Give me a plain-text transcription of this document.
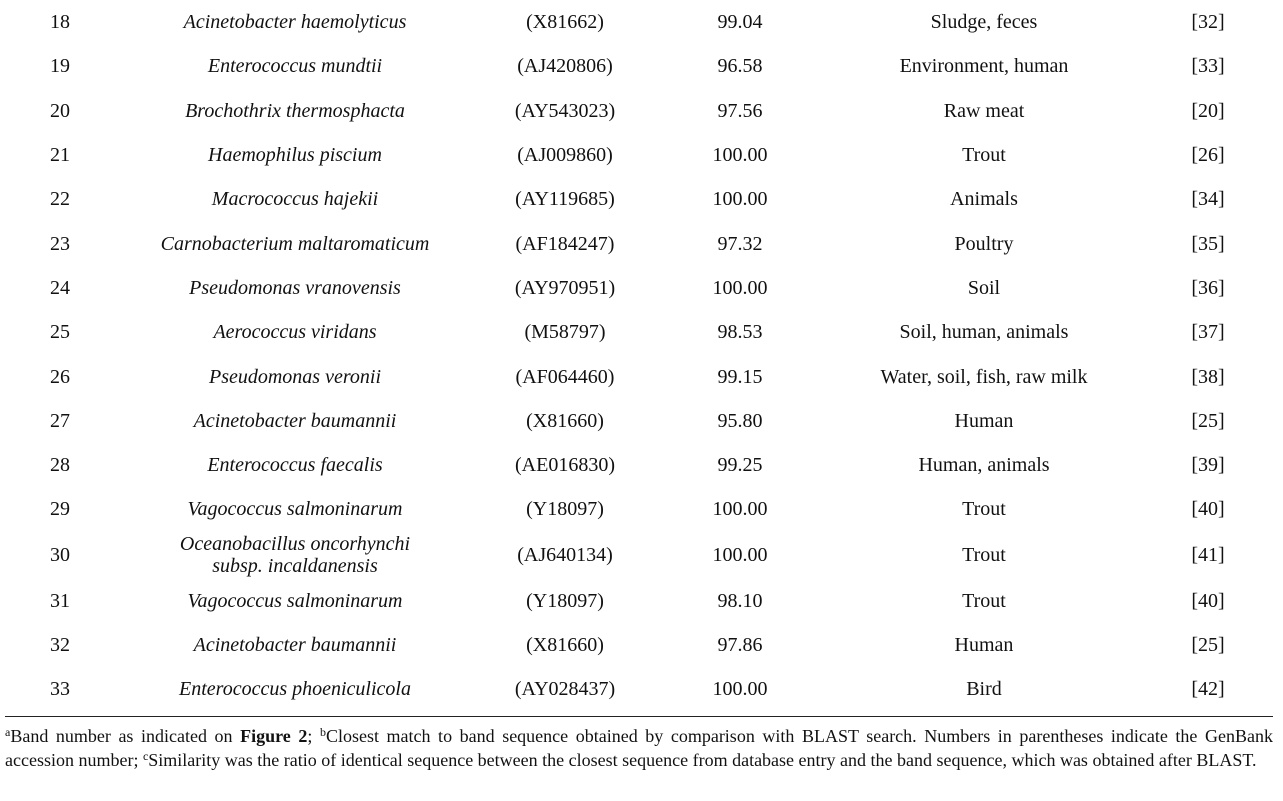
18	Acinetobacter haemolyticus	(X81662)	99.04	Sludge, feces	[32]
19	Enterococcus mundtii	(AJ420806)	96.58	Environment, human	[33]
20	Brochothrix thermosphacta	(AY543023)	97.56	Raw meat	[20]
21	Haemophilus piscium	(AJ009860)	100.00	Trout	[26]
22	Macrococcus hajekii	(AY119685)	100.00	Animals	[34]
23	Carnobacterium maltaromaticum	(AF184247)	97.32	Poultry	[35]
24	Pseudomonas vranovensis	(AY970951)	100.00	Soil	[36]
25	Aerococcus viridans	(M58797)	98.53	Soil, human, animals	[37]
26	Pseudomonas veronii	(AF064460)	99.15	Water, soil, fish, raw milk	[38]
27	Acinetobacter baumannii	(X81660)	95.80	Human	[25]
28	Enterococcus faecalis	(AE016830)	99.25	Human, animals	[39]
29	Vagococcus salmoninarum	(Y18097)	100.00	Trout	[40]
30	Oceanobacillus oncorhynchi
subsp. incaldanensis	(AJ640134)	100.00	Trout	[41]
31	Vagococcus salmoninarum	(Y18097)	98.10	Trout	[40]
32	Acinetobacter baumannii	(X81660)	97.86	Human	[25]
33	Enterococcus phoeniculicola	(AY028437)	100.00	Bird	[42]
$^a$Band number as indicated on Figure 2; $^b$Closest match to band sequence obtained by comparison with BLAST search. Numbers in parentheses indicate the GenBank accession number; $^c$Similarity was the ratio of identical sequence between the closest sequence from database entry and the band sequence, which was obtained after BLAST.
